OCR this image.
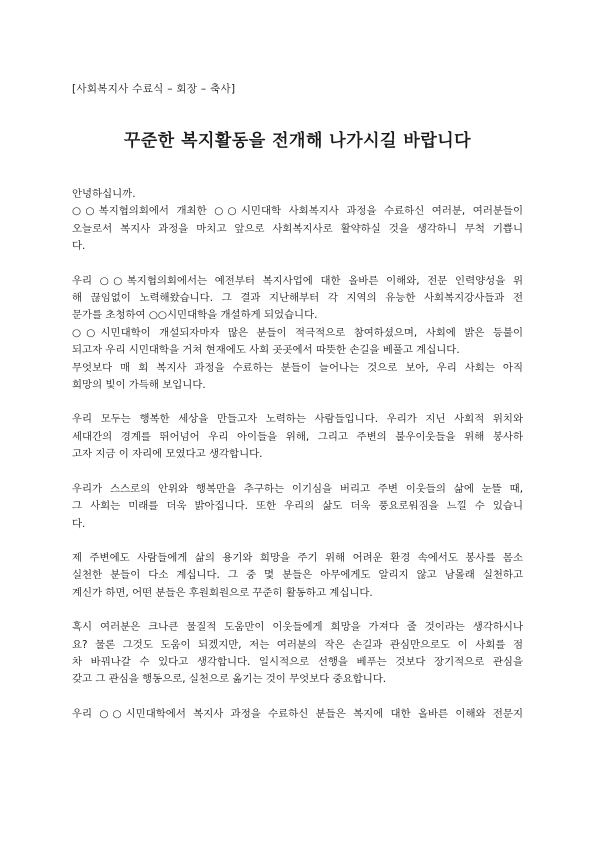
[사회복지사 수료식 – 회장 – 축사]

꾸준한 복지활동을 전개해 나가시길 바랍니다
안녕하십니까.
○○복지협의회에서 개최한 ○○시민대학 사회복지사 과정을 수료하신 여러분, 여러분들이
오늘로서 복지사 과정을 마치고 앞으로 사회복지사로 활약하실 것을 생각하니 무척 기쁩니
다.
우리 ○○복지협의회에서는 예전부터 복지사업에 대한 올바른 이해와, 전문 인력양성을 위
해 끊임없이 노력해왔습니다. 그 결과 지난해부터 각 지역의 유능한 사회복지강사들과 전
문가를 초청하여 ○○시민대학을 개설하게 되었습니다.
○○시민대학이 개설되자마자 많은 분들이 적극적으로 참여하셨으며, 사회에 밝은 등불이
되고자 우리 시민대학을 거쳐 현재에도 사회 곳곳에서 따뜻한 손길을 베풀고 계십니다.
무엇보다 매 회 복지사 과정을 수료하는 분들이 늘어나는 것으로 보아, 우리 사회는 아직
희망의 빛이 가득해 보입니다.
우리 모두는 행복한 세상을 만들고자 노력하는 사람들입니다. 우리가 지닌 사회적 위치와
세대간의 경계를 뛰어넘어 우리 아이들을 위해, 그리고 주변의 불우이웃들을 위해 봉사하
고자 지금 이 자리에 모였다고 생각합니다.
우리가 스스로의 안위와 행복만을 추구하는 이기심을 버리고 주변 이웃들의 삶에 눈뜰 때,
그 사회는 미래를 더욱 밝아집니다. 또한 우리의 삶도 더욱 풍요로워짐을 느낄 수 있습니
다.
제 주변에도 사람들에게 삶의 용기와 희망을 주기 위해 어려운 환경 속에서도 봉사를 몸소
실천한 분들이 다소 계십니다. 그 중 몇 분들은 아무에게도 알리지 않고 남몰래 실천하고
계신가 하면, 어떤 분들은 후원회원으로 꾸준히 활동하고 계십니다.
혹시 여러분은 크나큰 물질적 도움만이 이웃들에게 희망을 가져다 줄 것이라는 생각하시나
요? 물론 그것도 도움이 되겠지만, 저는 여러분의 작은 손길과 관심만으로도 이 사회를 점
차 바꿔나갈 수 있다고 생각합니다. 일시적으로 선행을 베푸는 것보다 장기적으로 관심을
갖고 그 관심을 행동으로, 실천으로 옮기는 것이 무엇보다 중요합니다.
우리 ○○시민대학에서 복지사 과정을 수료하신 분들은 복지에 대한 올바른 이해와 전문지
